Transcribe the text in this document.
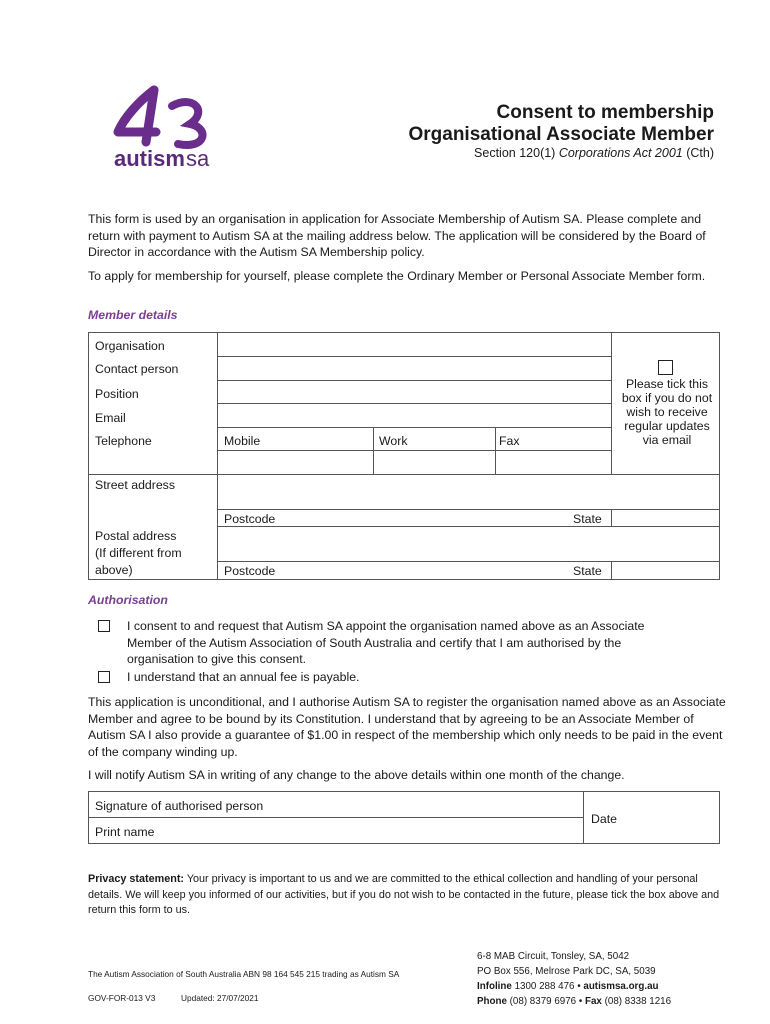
autism sa
Consent to membership
Organisational Associate Member
Section 120(1) Corporations Act 2001 (Cth)
This form is used by an organisation in application for Associate Membership of Autism SA. Please complete and return with payment to Autism SA at the mailing address below. The application will be considered by the Board of Director in accordance with the Autism SA Membership policy.
To apply for membership for yourself, please complete the Ordinary Member or Personal Associate Member form.
Member details
Organisation
Contact person
Position
Email
Telephone	Mobile	Work	Fax
Please tick this box if you do not wish to receive regular updates via email
Street address
Postcode	State
Postal address
(If different from
above)	Postcode	State
Authorisation
I consent to and request that Autism SA appoint the organisation named above as an Associate Member of the Autism Association of South Australia and certify that I am authorised by the organisation to give this consent.
I understand that an annual fee is payable.
This application is unconditional, and I authorise Autism SA to register the organisation named above as an Associate Member and agree to be bound by its Constitution. I understand that by agreeing to be an Associate Member of Autism SA I also provide a guarantee of $1.00 in respect of the membership which only needs to be paid in the event of the company winding up.
I will notify Autism SA in writing of any change to the above details within one month of the change.
Signature of authorised person
Print name
Date
Privacy statement: Your privacy is important to us and we are committed to the ethical collection and handling of your personal details. We will keep you informed of our activities, but if you do not wish to be contacted in the future, please tick the box above and return this form to us.
The Autism Association of South Australia ABN 98 164 545 215 trading as Autism SA
GOV-FOR-013 V3	Updated: 27/07/2021
6-8 MAB Circuit, Tonsley, SA, 5042
PO Box 556, Melrose Park DC, SA, 5039
Infoline 1300 288 476 • autismsa.org.au
Phone (08) 8379 6976 • Fax (08) 8338 1216
